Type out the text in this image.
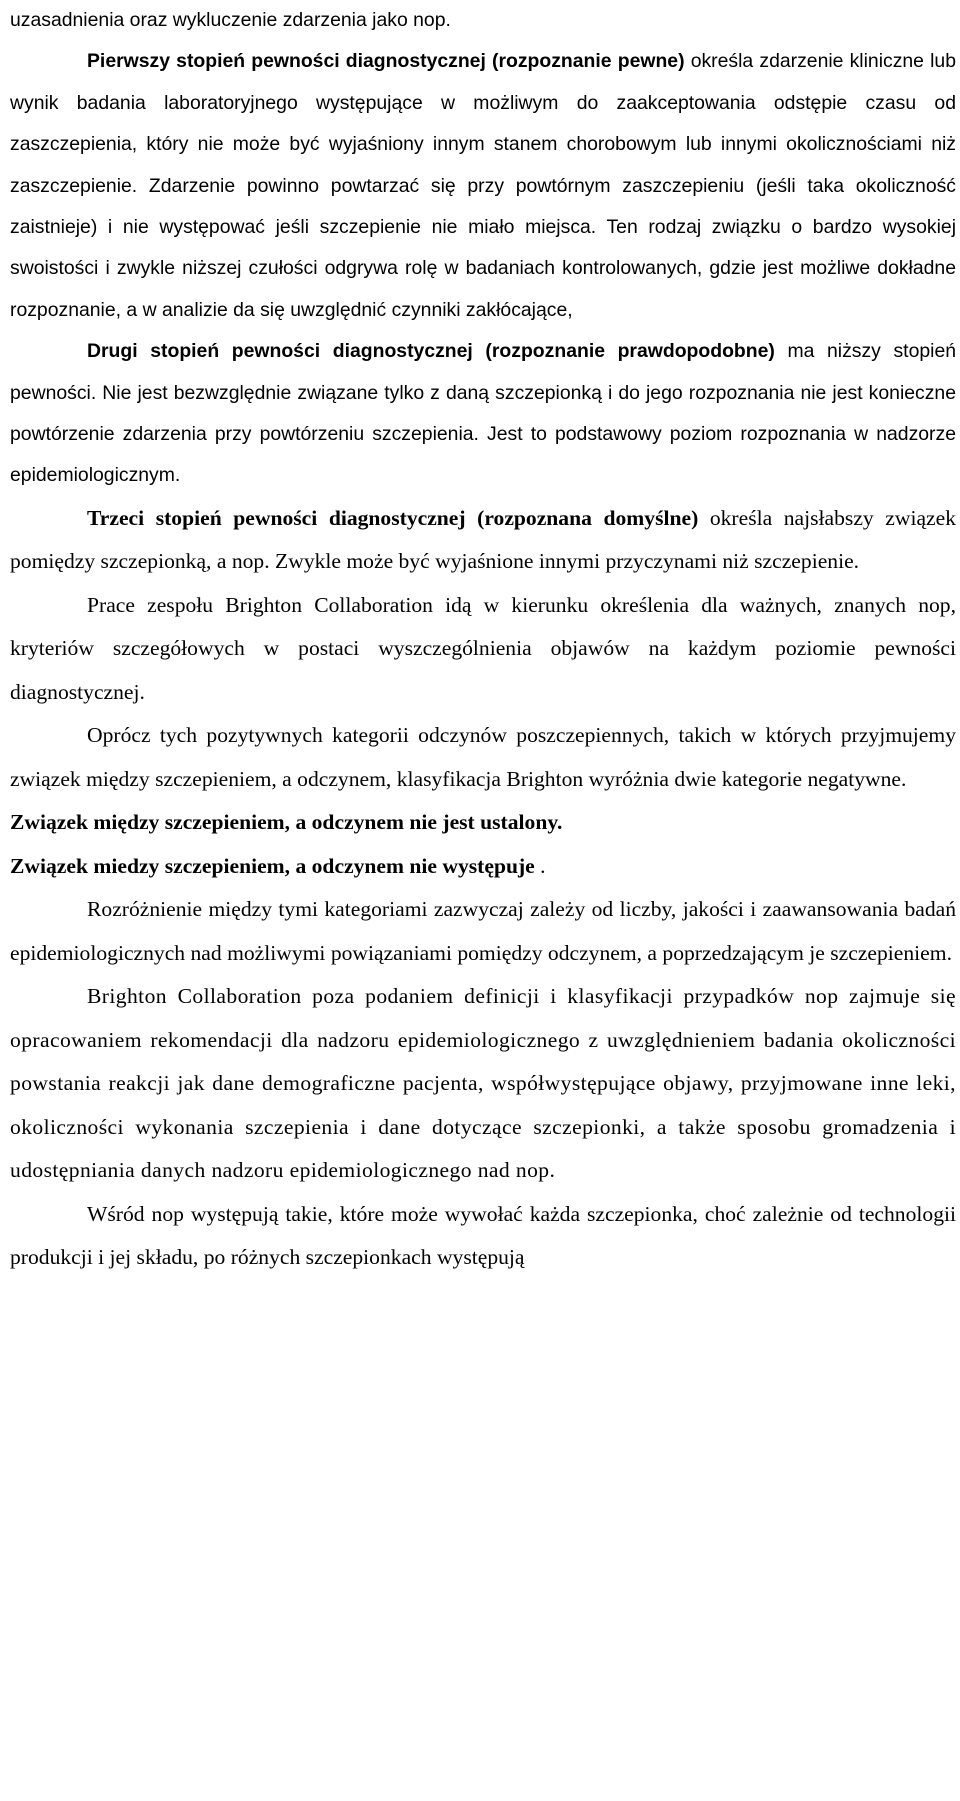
uzasadnienia oraz wykluczenie zdarzenia jako nop.

Pierwszy stopień pewności diagnostycznej (rozpoznanie pewne) określa zdarzenie kliniczne lub wynik badania laboratoryjnego występujące w możliwym do zaakceptowania odstępie czasu od zaszczepienia, który nie może być wyjaśniony innym stanem chorobowym lub innymi okolicznościami niż zaszczepienie. Zdarzenie powinno powtarzać się przy powtórnym zaszczepieniu (jeśli taka okoliczność zaistnieje) i nie występować jeśli szczepienie nie miało miejsca. Ten rodzaj związku o bardzo wysokiej swoistości i zwykle niższej czułości odgrywa rolę w badaniach kontrolowanych, gdzie jest możliwe dokładne rozpoznanie, a w analizie da się uwzględnić czynniki zakłócające,

Drugi stopień pewności diagnostycznej (rozpoznanie prawdopodobne) ma niższy stopień pewności. Nie jest bezwzględnie związane tylko z daną szczepionką i do jego rozpoznania nie jest konieczne powtórzenie zdarzenia przy powtórzeniu szczepienia. Jest to podstawowy poziom rozpoznania w nadzorze epidemiologicznym.

Trzeci stopień pewności diagnostycznej (rozpoznana domyślne) określa najsłabszy związek pomiędzy szczepionką, a nop. Zwykle może być wyjaśnione innymi przyczynami niż szczepienie.

Prace zespołu Brighton Collaboration idą w kierunku określenia dla ważnych, znanych nop, kryteriów szczegółowych w postaci wyszczególnienia objawów na każdym poziomie pewności diagnostycznej.

Oprócz tych pozytywnych kategorii odczynów poszczepiennych, takich w których przyjmujemy związek między szczepieniem, a odczynem, klasyfikacja Brighton wyróżnia dwie kategorie negatywne.

Związek między szczepieniem, a odczynem nie jest ustalony.

Związek miedzy szczepieniem, a odczynem nie występuje .

Rozróżnienie między tymi kategoriami zazwyczaj zależy od liczby, jakości i zaawansowania badań epidemiologicznych nad możliwymi powiązaniami pomiędzy odczynem, a poprzedzającym je szczepieniem.

Brighton Collaboration poza podaniem definicji i klasyfikacji przypadków nop zajmuje się opracowaniem rekomendacji dla nadzoru epidemiologicznego z uwzględnieniem badania okoliczności powstania reakcji jak dane demograficzne pacjenta, współwystępujące objawy, przyjmowane inne leki, okoliczności wykonania szczepienia i dane dotyczące szczepionki, a także sposobu gromadzenia i udostępniania danych nadzoru epidemiologicznego nad nop.

Wśród nop występują takie, które może wywołać każda szczepionka, choć zależnie od technologii produkcji i jej składu, po różnych szczepionkach występują
